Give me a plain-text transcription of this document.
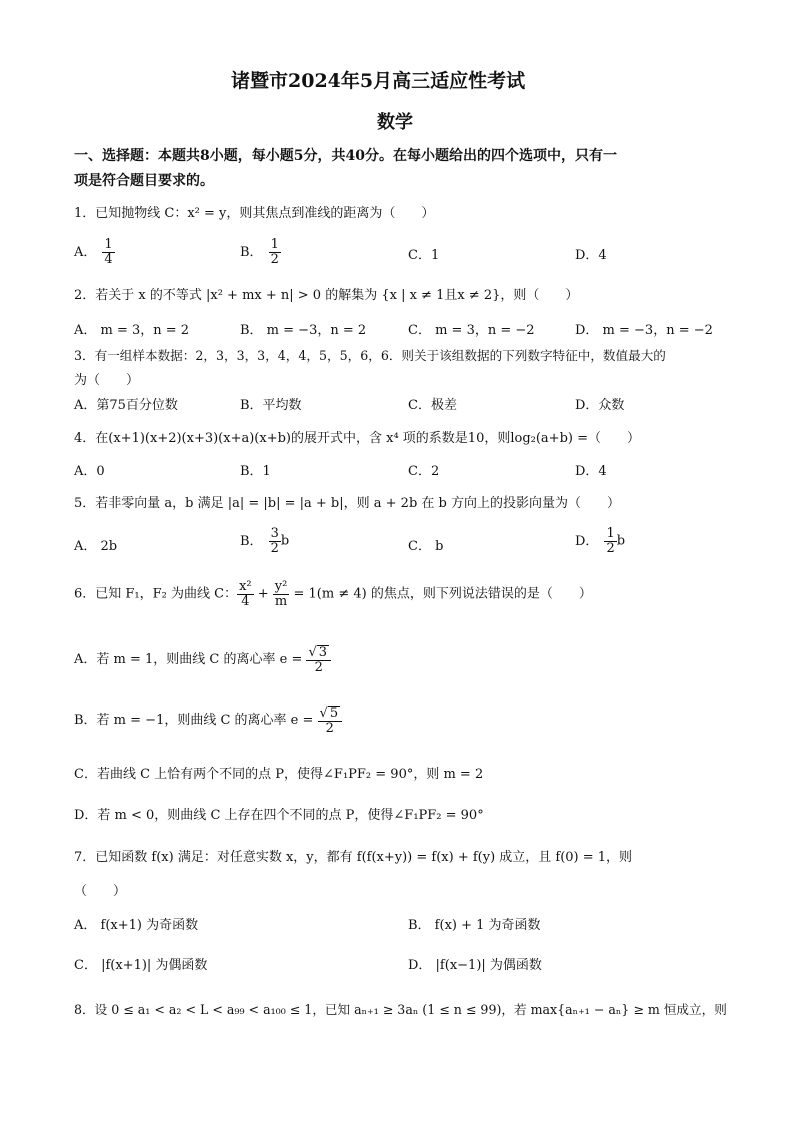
诸暨市2024年5月高三适应性考试
数学
一、选择题：本题共8小题，每小题5分，共40分。在每小题给出的四个选项中，只有一
项是符合题目要求的。
1．已知抛物线 C：x² = y，则其焦点到准线的距离为（　　）
A． $\frac{1}{4}$	B． $\frac{1}{2}$	C．1	D．4
2．若关于 x 的不等式 |x² + mx + n| > 0 的解集为 {x | x ≠ 1且x ≠ 2}，则（　　）
A． m = 3，n = 2	B． m = −3，n = 2	C． m = 3，n = −2	D． m = −3，n = −2
3．有一组样本数据：2，3，3，3，4，4，5，5，6，6．则关于该组数据的下列数字特征中，数值最大的
为（　　）
A．第75百分位数	B．平均数	C．极差	D．众数
4．在(x+1)(x+2)(x+3)(x+a)(x+b)的展开式中，含 x⁴ 项的系数是10，则log₂(a+b) =（　　）
A．0	B．1	C．2	D．4
5．若非零向量 a，b 满足 |a| = |b| = |a + b|，则 a + 2b 在 b 方向上的投影向量为（　　）
A． 2b	B． $\frac{3}{2}$ b	C． b	D． $\frac{1}{2}$ b
6．已知 F₁，F₂ 为曲线 C： $\frac{\text{x²}}{4} + \frac{\text{y²}}{m} = 1(m \ne 4)$ 的焦点，则下列说法错误的是（　　）
A．若 m = 1，则曲线 C 的离心率 $e = \frac{√ 3}{2}$
B．若 m = −1，则曲线 C 的离心率 $e = \frac{√ 5}{2}$
C．若曲线 C 上恰有两个不同的点 P，使得∠F₁PF₂ = 90°，则 m = 2
D．若 m < 0，则曲线 C 上存在四个不同的点 P，使得∠F₁PF₂ = 90°
7．已知函数 f(x) 满足：对任意实数 x，y，都有 f(f(x+y)) = f(x) + f(y) 成立，且 f(0) = 1，则
（　　）
A． f(x+1) 为奇函数	B． f(x) + 1 为奇函数
C． |f(x+1)| 为偶函数	D． |f(x−1)| 为偶函数
8．设 0 ≤ a₁ < a₂ < L < a₉₉ < a₁₀₀ ≤ 1，已知 aₙ₊₁ ≥ 3aₙ (1 ≤ n ≤ 99)，若 max{aₙ₊₁ − aₙ} ≥ m 恒成立，则
